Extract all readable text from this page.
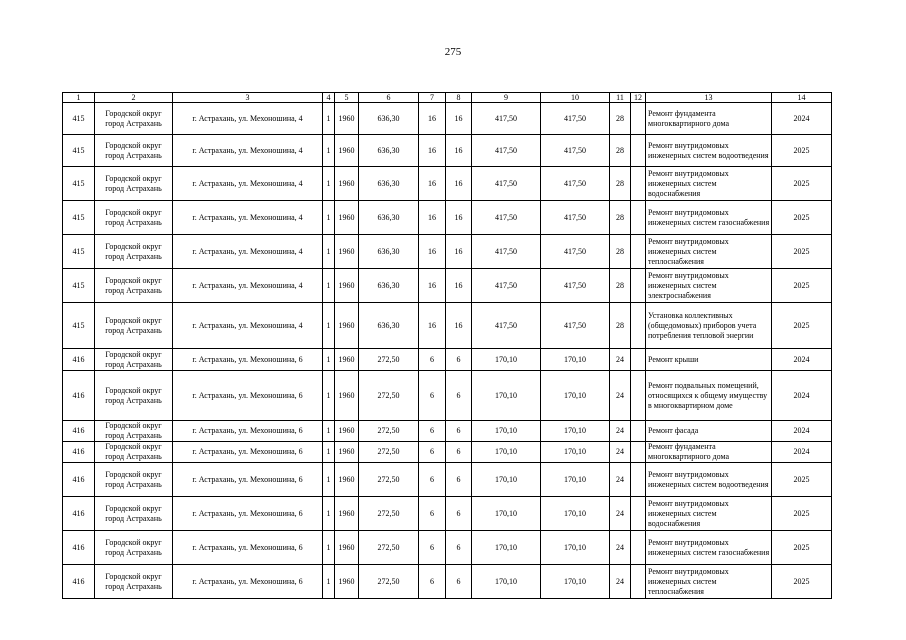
275
1	2	3	4	5	6	7	8	9	10	11	12	13	14
415	Городской округ город Астрахань	г. Астрахань, ул. Мехоношина, 4	1	1960	636,30	16	16	417,50	417,50	28		Ремонт фундамента многоквартирного дома	2024
415	Городской округ город Астрахань	г. Астрахань, ул. Мехоношина, 4	1	1960	636,30	16	16	417,50	417,50	28		Ремонт внутридомовых инженерных систем водоотведения	2025
415	Городской округ город Астрахань	г. Астрахань, ул. Мехоношина, 4	1	1960	636,30	16	16	417,50	417,50	28		Ремонт внутридомовых инженерных систем водоснабжения	2025
415	Городской округ город Астрахань	г. Астрахань, ул. Мехоношина, 4	1	1960	636,30	16	16	417,50	417,50	28		Ремонт внутридомовых инженерных систем газоснабжения	2025
415	Городской округ город Астрахань	г. Астрахань, ул. Мехоношина, 4	1	1960	636,30	16	16	417,50	417,50	28		Ремонт внутридомовых инженерных систем теплоснабжения	2025
415	Городской округ город Астрахань	г. Астрахань, ул. Мехоношина, 4	1	1960	636,30	16	16	417,50	417,50	28		Ремонт внутридомовых инженерных систем электроснабжения	2025
415	Городской округ город Астрахань	г. Астрахань, ул. Мехоношина, 4	1	1960	636,30	16	16	417,50	417,50	28		Установка коллективных (общедомовых) приборов учета потребления тепловой энергии	2025
416	Городской округ город Астрахань	г. Астрахань, ул. Мехоношина, 6	1	1960	272,50	6	6	170,10	170,10	24		Ремонт крыши	2024
416	Городской округ город Астрахань	г. Астрахань, ул. Мехоношина, 6	1	1960	272,50	6	6	170,10	170,10	24		Ремонт подвальных помещений, относящихся к общему имуществу в многоквартирном доме	2024
416	Городской округ город Астрахань	г. Астрахань, ул. Мехоношина, 6	1	1960	272,50	6	6	170,10	170,10	24		Ремонт фасада	2024
416	Городской округ город Астрахань	г. Астрахань, ул. Мехоношина, 6	1	1960	272,50	6	6	170,10	170,10	24		Ремонт фундамента многоквартирного дома	2024
416	Городской округ город Астрахань	г. Астрахань, ул. Мехоношина, 6	1	1960	272,50	6	6	170,10	170,10	24		Ремонт внутридомовых инженерных систем водоотведения	2025
416	Городской округ город Астрахань	г. Астрахань, ул. Мехоношина, 6	1	1960	272,50	6	6	170,10	170,10	24		Ремонт внутридомовых инженерных систем водоснабжения	2025
416	Городской округ город Астрахань	г. Астрахань, ул. Мехоношина, 6	1	1960	272,50	6	6	170,10	170,10	24		Ремонт внутридомовых инженерных систем газоснабжения	2025
416	Городской округ город Астрахань	г. Астрахань, ул. Мехоношина, 6	1	1960	272,50	6	6	170,10	170,10	24		Ремонт внутридомовых инженерных систем теплоснабжения	2025
